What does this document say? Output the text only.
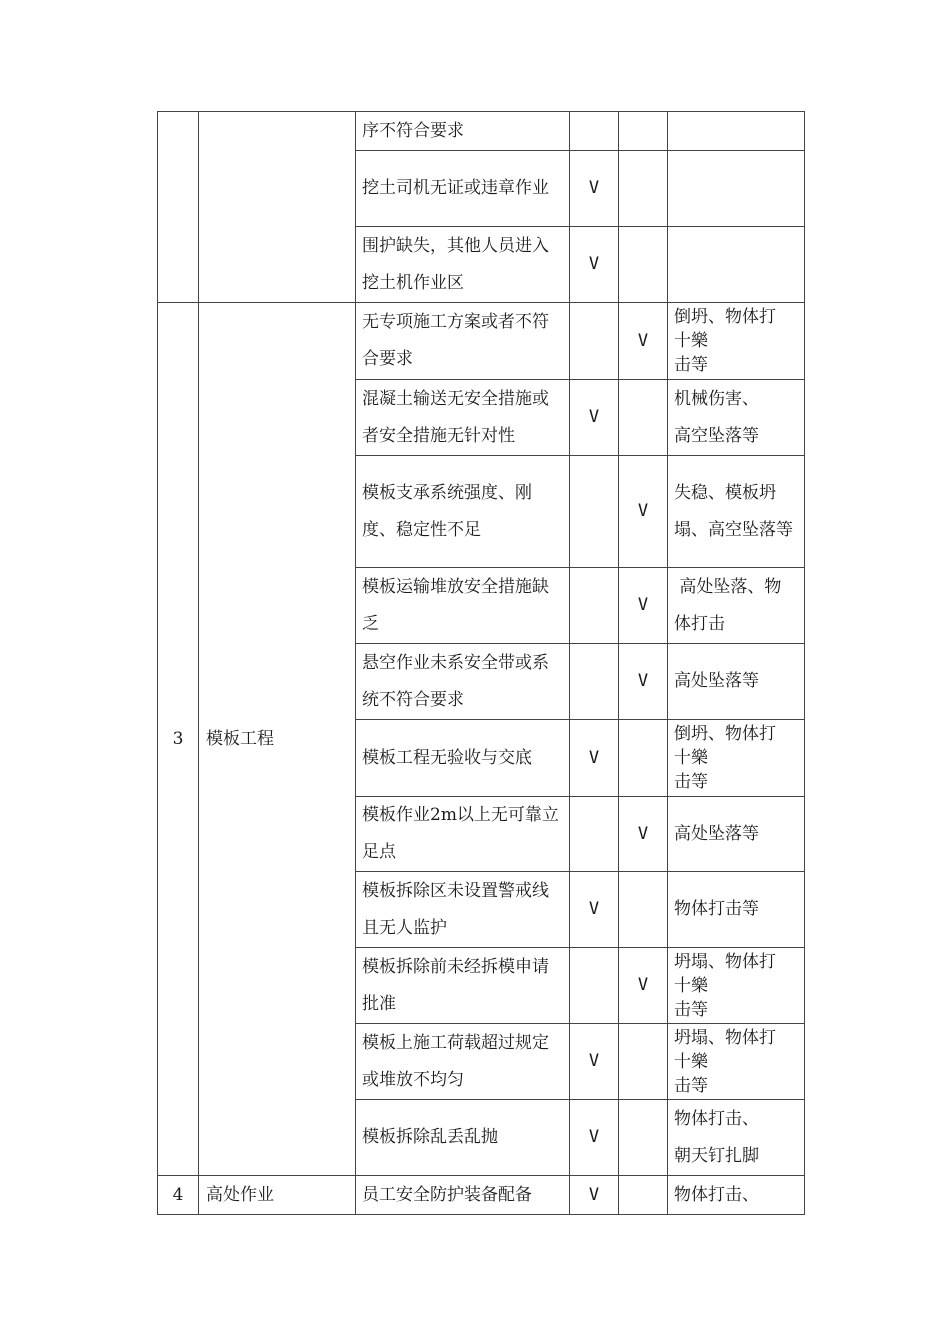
		序不符合要求			
		挖土司机无证或违章作业	V		
		围护缺失，其他人员进入挖土机作业区	V		
3	模板工程	无专项施工方案或者不符合要求		V	倒坍、物体打
十樂
击等

		混凝土输送无安全措施或者安全措施无针对性	V		机械伤害、高空坠落等

		模板支承系统强度、刚度、稳定性不足		V	失稳、模板坍塌、高空坠落等

		模板运输堆放安全措施缺乏		V	高处坠落、物体打击

		悬空作业未系安全带或系统不符合要求		V	高处坠落等

		模板工程无验收与交底	V		倒坍、物体打
十樂
击等

		模板作业2m以上无可靠立足点		V	高处坠落等

		模板拆除区未设置警戒线且无人监护	V		物体打击等

		模板拆除前未经拆模申请批准		V	坍塌、物体打
十樂
击等

		模板上施工荷载超过规定或堆放不均匀	V		坍塌、物体打
十樂
击等

		模板拆除乱丢乱抛	V		物体打击、朝天钉扎脚

4	高处作业	员工安全防护装备配备	V		物体打击、
